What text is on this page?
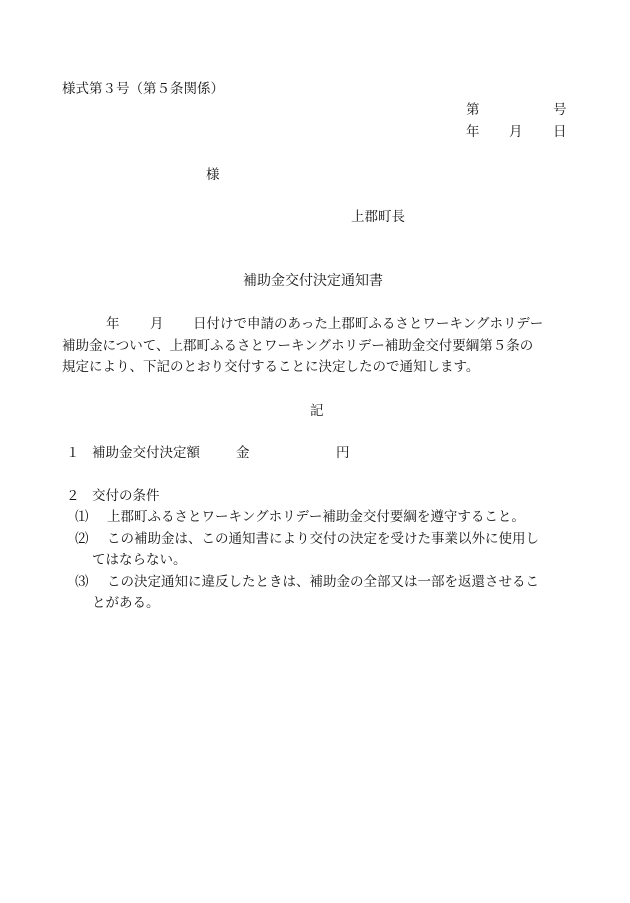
様式第３号（第５条関係）
第	号
年 月 日
様
上郡町長
補助金交付決定通知書
年 月 日付けで申請のあった上郡町ふるさとワーキングホリデー
補助金について、上郡町ふるさとワーキングホリデー補助金交付要綱第５条の
規定により、下記のとおり交付することに決定したので通知します。
記
１ 補助金交付決定額	金	円
２ 交付の条件
⑴ 上郡町ふるさとワーキングホリデー補助金交付要綱を遵守すること。
⑵ この補助金は、この通知書により交付の決定を受けた事業以外に使用し
てはならない。
⑶ この決定通知に違反したときは、補助金の全部又は一部を返還させるこ
とがある。
